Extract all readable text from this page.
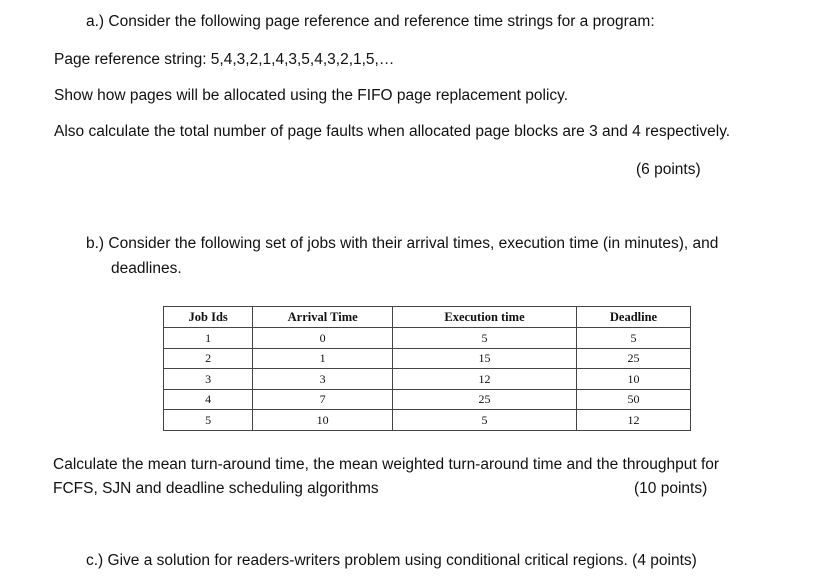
a.) Consider the following page reference and reference time strings for a program:
Page reference string: 5,4,3,2,1,4,3,5,4,3,2,1,5,…
Show how pages will be allocated using the FIFO page replacement policy.
Also calculate the total number of page faults when allocated page blocks are 3 and 4 respectively.
(6 points)
b.) Consider the following set of jobs with their arrival times, execution time (in minutes), and
deadlines.
Job Ids	Arrival Time	Execution time	Deadline
1	0	5	5
2	1	15	25
3	3	12	10
4	7	25	50
5	10	5	12
Calculate the mean turn-around time, the mean weighted turn-around time and the throughput for
FCFS, SJN and deadline scheduling algorithms	(10 points)
c.) Give a solution for readers-writers problem using conditional critical regions. (4 points)
